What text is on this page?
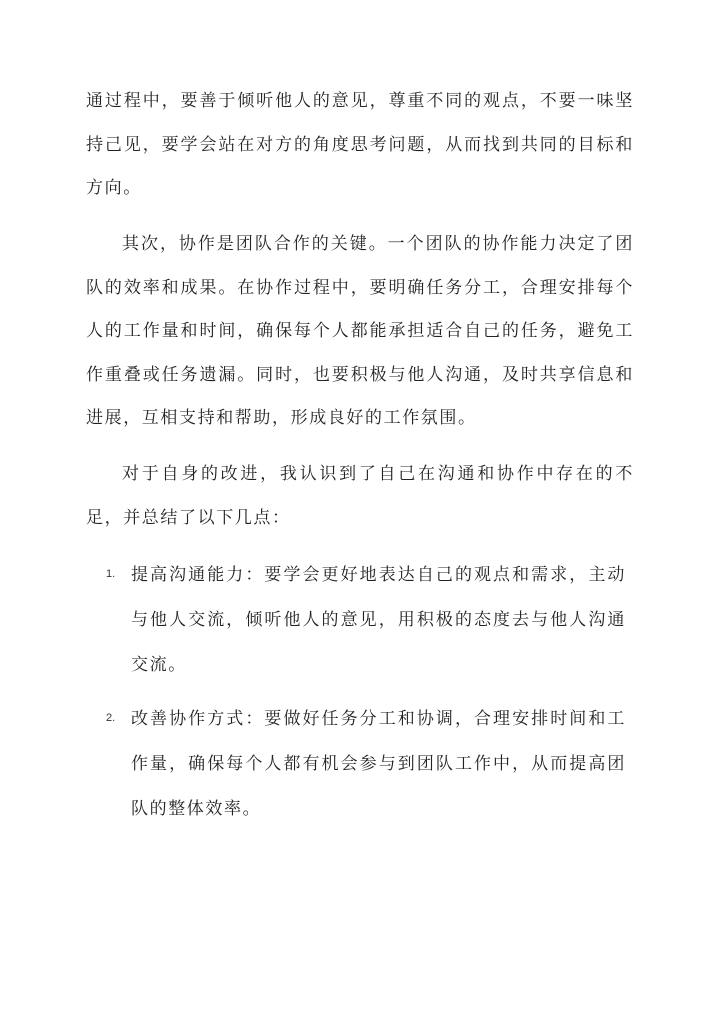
通过程中，要善于倾听他人的意见，尊重不同的观点，不要一味坚持己见，要学会站在对方的角度思考问题，从而找到共同的目标和方向。

其次，协作是团队合作的关键。一个团队的协作能力决定了团队的效率和成果。在协作过程中，要明确任务分工，合理安排每个人的工作量和时间，确保每个人都能承担适合自己的任务，避免工作重叠或任务遗漏。同时，也要积极与他人沟通，及时共享信息和进展，互相支持和帮助，形成良好的工作氛围。

对于自身的改进，我认识到了自己在沟通和协作中存在的不足，并总结了以下几点：

1. 提高沟通能力：要学会更好地表达自己的观点和需求，主动与他人交流，倾听他人的意见，用积极的态度去与他人沟通交流。

2. 改善协作方式：要做好任务分工和协调，合理安排时间和工作量，确保每个人都有机会参与到团队工作中，从而提高团队的整体效率。
